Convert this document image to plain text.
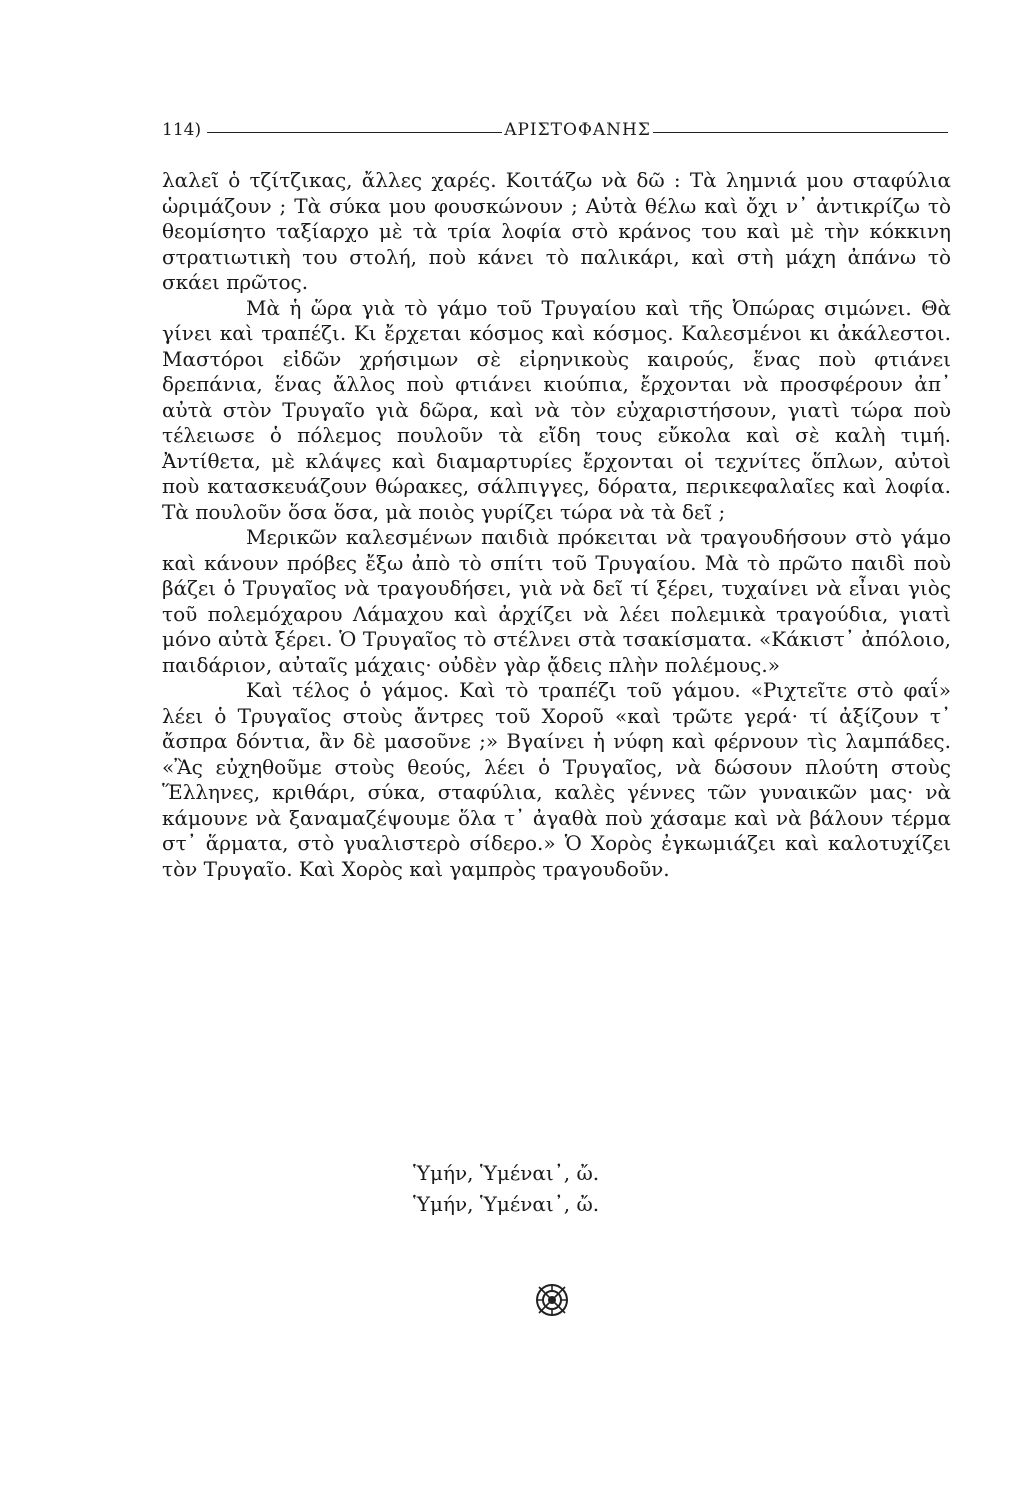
114)	ΑΡΙΣΤΟΦΑΝΗΣ

λαλεῖ ὁ τζίτζικας, ἄλλες χαρές. Κοιτάζω νὰ δῶ : Τὰ λημνιά μου σταφύλια ὡριμάζουν ; Τὰ σύκα μου φουσκώνουν ; Αὐτὰ θέλω καὶ ὄχι ν᾽ ἀντικρίζω τὸ θεομίσητο ταξίαρχο μὲ τὰ τρία λοφία στὸ κράνος του καὶ μὲ τὴν κόκκινη στρατιωτικὴ του στολή, ποὺ κάνει τὸ παλικάρι, καὶ στὴ μάχη ἀπάνω τὸ σκάει πρῶτος.

Μὰ ἡ ὥρα γιὰ τὸ γάμο τοῦ Τρυγαίου καὶ τῆς Ὀπώρας σιμώνει. Θὰ γίνει καὶ τραπέζι. Κι ἔρχεται κόσμος καὶ κόσμος. Καλεσμένοι κι ἀκάλεστοι. Μαστόροι εἰδῶν χρήσιμων σὲ εἰρηνικοὺς καιρούς, ἕνας ποὺ φτιάνει δρεπάνια, ἕνας ἄλλος ποὺ φτιάνει κιούπια, ἔρχονται νὰ προσφέρουν ἀπ᾽ αὐτὰ στὸν Τρυγαῖο γιὰ δῶρα, καὶ νὰ τὸν εὐχαριστήσουν, γιατὶ τώρα ποὺ τέλειωσε ὁ πόλεμος πουλοῦν τὰ εἴδη τους εὔκολα καὶ σὲ καλὴ τιμή. Ἀντίθετα, μὲ κλάψες καὶ διαμαρτυρίες ἔρχονται οἱ τεχνίτες ὅπλων, αὐτοὶ ποὺ κατασκευάζουν θώρακες, σάλπιγγες, δόρατα, περικεφαλαῖες καὶ λοφία. Τὰ πουλοῦν ὅσα ὅσα, μὰ ποιὸς γυρίζει τώρα νὰ τὰ δεῖ ;

Μερικῶν καλεσμένων παιδιὰ πρόκειται νὰ τραγουδήσουν στὸ γάμο καὶ κάνουν πρόβες ἔξω ἀπὸ τὸ σπίτι τοῦ Τρυγαίου. Μὰ τὸ πρῶτο παιδὶ ποὺ βάζει ὁ Τρυγαῖος νὰ τραγουδήσει, γιὰ νὰ δεῖ τί ξέρει, τυχαίνει νὰ εἶναι γιὸς τοῦ πολεμόχαρου Λάμαχου καὶ ἀρχίζει νὰ λέει πολεμικὰ τραγούδια, γιατὶ μόνο αὐτὰ ξέρει. Ὁ Τρυγαῖος τὸ στέλνει στὰ τσακίσματα. «Κάκιστ᾽ ἀπόλοιο, παιδάριον, αὐταῖς μάχαις· οὐδὲν γὰρ ᾄδεις πλὴν πολέμους.»

Καὶ τέλος ὁ γάμος. Καὶ τὸ τραπέζι τοῦ γάμου. «Ριχτεῖτε στὸ φαΐ» λέει ὁ Τρυγαῖος στοὺς ἄντρες τοῦ Χοροῦ «καὶ τρῶτε γερά· τί ἀξίζουν τ᾽ ἄσπρα δόντια, ἂν δὲ μασοῦνε ;» Βγαίνει ἡ νύφη καὶ φέρνουν τὶς λαμπάδες. «Ἂς εὐχηθοῦμε στοὺς θεούς, λέει ὁ Τρυγαῖος, νὰ δώσουν πλούτη στοὺς Ἕλληνες, κριθάρι, σύκα, σταφύλια, καλὲς γέννες τῶν γυναικῶν μας· νὰ κάμουνε νὰ ξαναμαζέψουμε ὅλα τ᾽ ἀγαθὰ ποὺ χάσαμε καὶ νὰ βάλουν τέρμα στ᾽ ἅρματα, στὸ γυαλιστερὸ σίδερο.» Ὁ Χορὸς ἐγκωμιάζει καὶ καλοτυχίζει τὸν Τρυγαῖο. Καὶ Χορὸς καὶ γαμπρὸς τραγουδοῦν.

Ὑμήν, Ὑμέναι᾽, ὤ.
Ὑμήν, Ὑμέναι᾽, ὤ.
